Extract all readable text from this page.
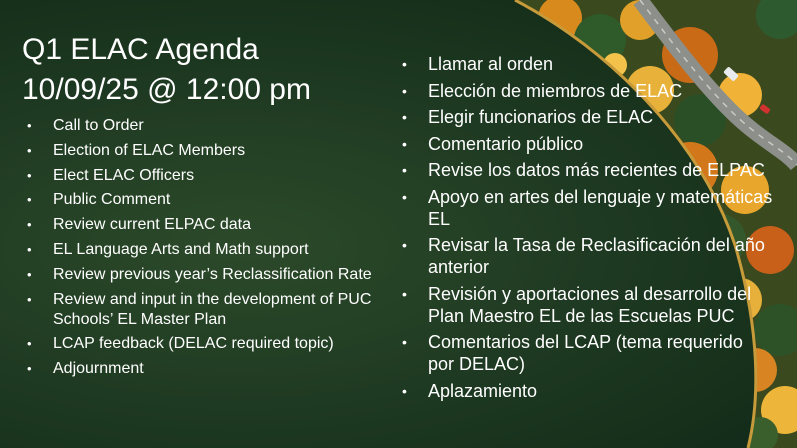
Q1 ELAC Agenda
10/09/25 @ 12:00 pm
• Call to Order
• Election of ELAC Members
• Elect ELAC Officers
• Public Comment
• Review current ELPAC data
• EL Language Arts and Math support
• Review previous year’s Reclassification Rate
• Review and input in the development of PUC Schools’ EL Master Plan
• LCAP feedback (DELAC required topic)
• Adjournment
• Llamar al orden
• Elección de miembros de ELAC
• Elegir funcionarios de ELAC
• Comentario público
• Revise los datos más recientes de ELPAC
• Apoyo en artes del lenguaje y matemáticas EL
• Revisar la Tasa de Reclasificación del año anterior
• Revisión y aportaciones al desarrollo del Plan Maestro EL de las Escuelas PUC
• Comentarios del LCAP (tema requerido por DELAC)
• Aplazamiento
